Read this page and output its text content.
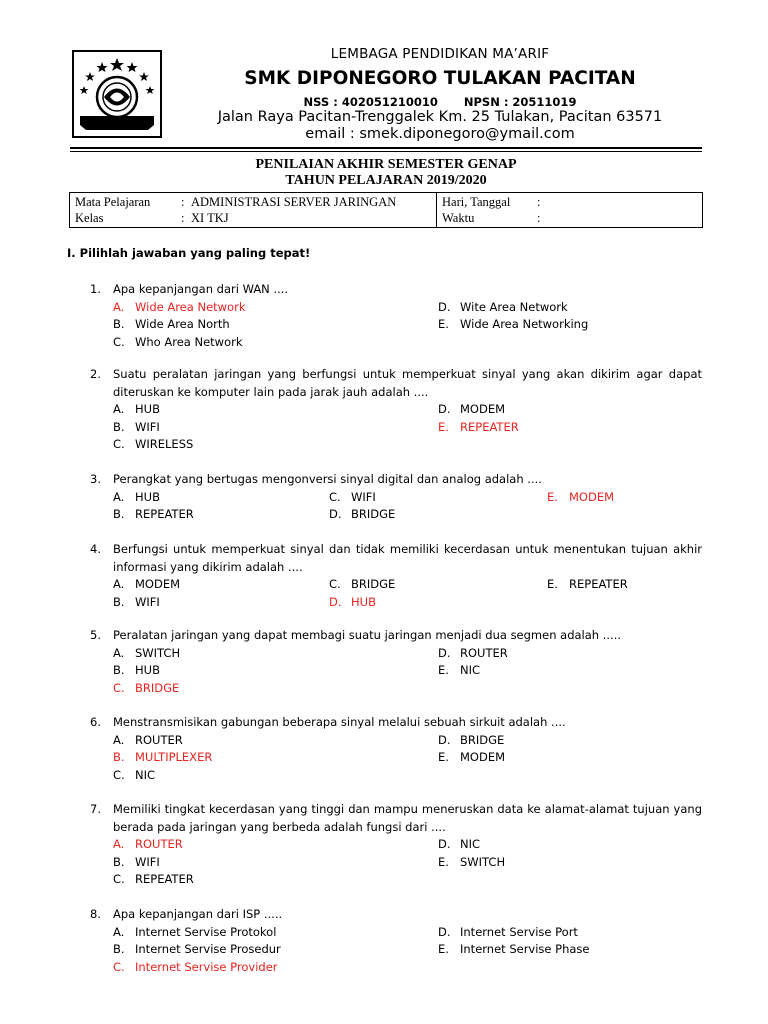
LEMBAGA PENDIDIKAN MA’ARIF
SMK DIPONEGORO TULAKAN PACITAN
NSS : 402051210010 NPSN : 20511019
Jalan Raya Pacitan-Trenggalek Km. 25 Tulakan, Pacitan 63571
email : smek.diponegoro@ymail.com
PENILAIAN AKHIR SEMESTER GENAP
TAHUN PELAJARAN 2019/2020
Mata Pelajaran : ADMINISTRASI SERVER JARINGAN
Kelas	: XI TKJ
Hari, Tanggal :
Waktu	:
I. Pilihlah jawaban yang paling tepat!
1. Apa kepanjangan dari WAN ....
A. Wide Area Network
B. Wide Area North
C. Who Area Network
D. Wite Area Network
E. Wide Area Networking
2. Suatu peralatan jaringan yang berfungsi untuk memperkuat sinyal yang akan dikirim agar dapat diteruskan ke komputer lain pada jarak jauh adalah ....
A. HUB
B. WIFI
C. WIRELESS
D. MODEM
E. REPEATER
3. Perangkat yang bertugas mengonversi sinyal digital dan analog adalah ....
A. HUB
B. REPEATER
C. WIFI
D. BRIDGE
E. MODEM
4. Berfungsi untuk memperkuat sinyal dan tidak memiliki kecerdasan untuk menentukan tujuan akhir informasi yang dikirim adalah ....
A. MODEM
B. WIFI
C. BRIDGE
D. HUB
E. REPEATER
5. Peralatan jaringan yang dapat membagi suatu jaringan menjadi dua segmen adalah .....
A. SWITCH
B. HUB
C. BRIDGE
D. ROUTER
E. NIC
6. Menstransmisikan gabungan beberapa sinyal melalui sebuah sirkuit adalah ....
A. ROUTER
B. MULTIPLEXER
C. NIC
D. BRIDGE
E. MODEM
7. Memiliki tingkat kecerdasan yang tinggi dan mampu meneruskan data ke alamat-alamat tujuan yang berada pada jaringan yang berbeda adalah fungsi dari ....
A. ROUTER
B. WIFI
C. REPEATER
D. NIC
E. SWITCH
8. Apa kepanjangan dari ISP .....
A. Internet Servise Protokol
B. Internet Servise Prosedur
C. Internet Servise Provider
D. Internet Servise Port
E. Internet Servise Phase
